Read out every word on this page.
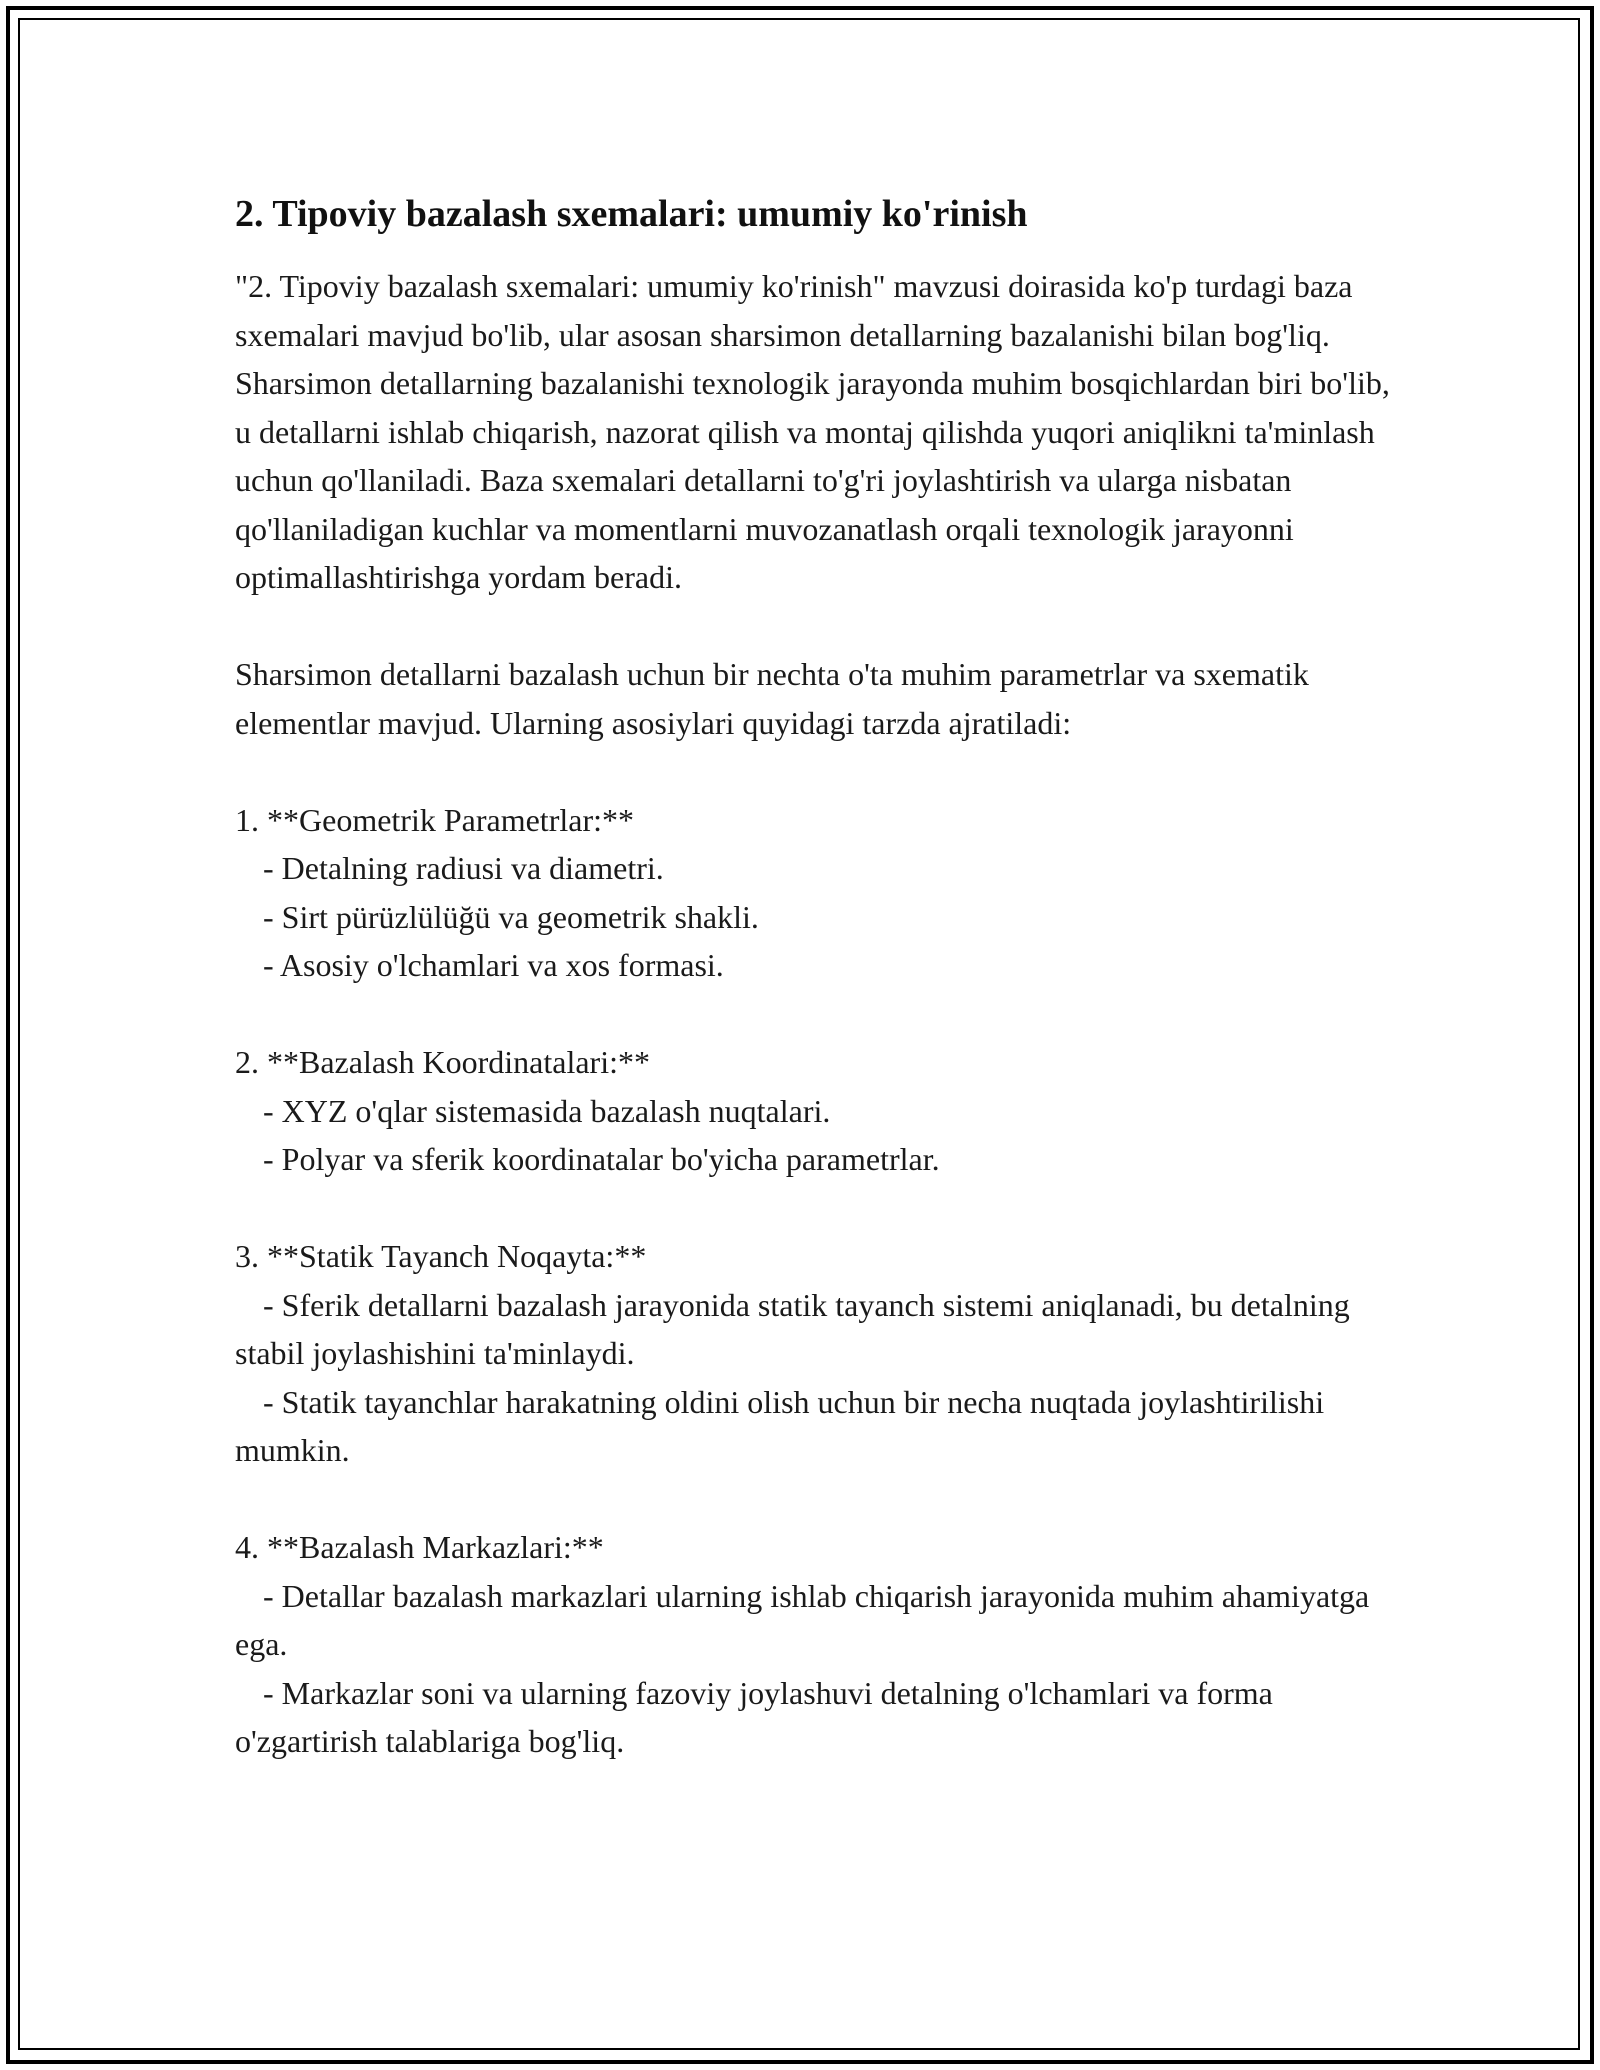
2. Tipoviy bazalash sxemalari: umumiy ko'rinish

"2. Tipoviy bazalash sxemalari: umumiy ko'rinish" mavzusi doirasida ko'p turdagi baza sxemalari mavjud bo'lib, ular asosan sharsimon detallarning bazalanishi bilan bog'liq. Sharsimon detallarning bazalanishi texnologik jarayonda muhim bosqichlardan biri bo'lib, u detallarni ishlab chiqarish, nazorat qilish va montaj qilishda yuqori aniqlikni ta'minlash uchun qo'llaniladi. Baza sxemalari detallarni to'g'ri joylashtirish va ularga nisbatan qo'llaniladigan kuchlar va momentlarni muvozanatlash orqali texnologik jarayonni optimallashtirishga yordam beradi.

Sharsimon detallarni bazalash uchun bir nechta o'ta muhim parametrlar va sxematik elementlar mavjud. Ularning asosiylari quyidagi tarzda ajratiladi:

1. **Geometrik Parametrlar:**
- Detalning radiusi va diametri.
- Sirt pürüzlülüğü va geometrik shakli.
- Asosiy o'lchamlari va xos formasi.
2. **Bazalash Koordinatalari:**
- XYZ o'qlar sistemasida bazalash nuqtalari.
- Polyar va sferik koordinatalar bo'yicha parametrlar.
3. **Statik Tayanch Noqayta:**

- Sferik detallarni bazalash jarayonida statik tayanch sistemi aniqlanadi, bu detalning stabil joylashishini ta'minlaydi.

- Statik tayanchlar harakatning oldini olish uchun bir necha nuqtada joylashtirilishi mumkin.

4. **Bazalash Markazlari:**

- Detallar bazalash markazlari ularning ishlab chiqarish jarayonida muhim ahamiyatga ega.

- Markazlar soni va ularning fazoviy joylashuvi detalning o'lchamlari va forma o'zgartirish talablariga bog'liq.
